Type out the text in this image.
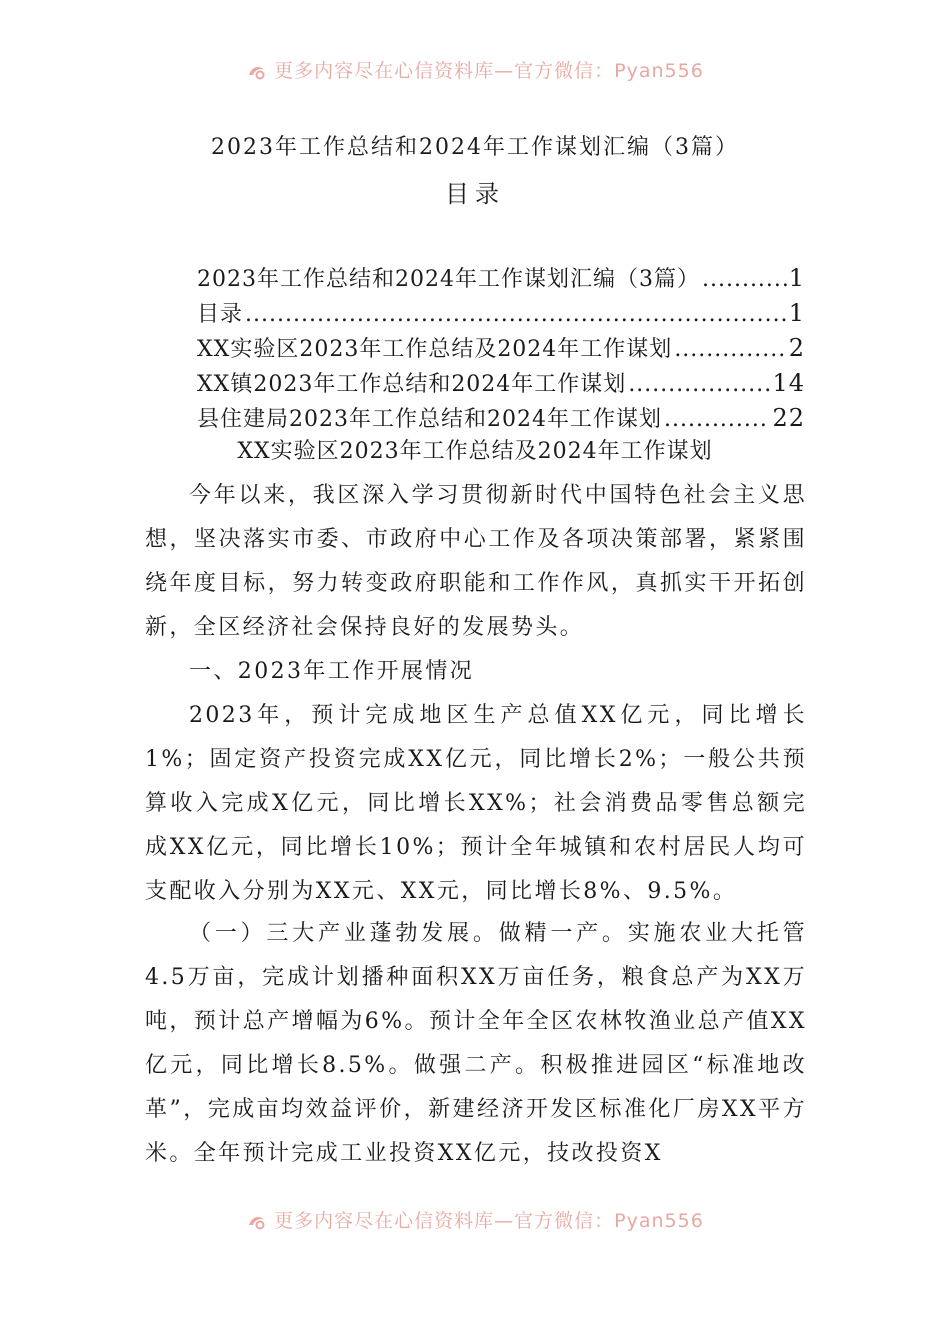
更多内容尽在心信资料库—官方微信：Pyan556
2023年工作总结和2024年工作谋划汇编（3篇）
目录
2023年工作总结和2024年工作谋划汇编（3篇） .....	1
目录 .....	1
XX实验区2023年工作总结及2024年工作谋划 .....	2
XX镇2023年工作总结和2024年工作谋划 .....	14
县住建局2023年工作总结和2024年工作谋划 .....	22
XX实验区2023年工作总结及2024年工作谋划

今年以来，我区深入学习贯彻新时代中国特色社会主义思想，坚决落实市委、市政府中心工作及各项决策部署，紧紧围绕年度目标，努力转变政府职能和工作作风，真抓实干开拓创新，全区经济社会保持良好的发展势头。

一、2023年工作开展情况

2023年，预计完成地区生产总值XX亿元，同比增长1%；固定资产投资完成XX亿元，同比增长2%；一般公共预算收入完成X亿元，同比增长XX%；社会消费品零售总额完成XX亿元，同比增长10%；预计全年城镇和农村居民人均可支配收入分别为XX元、XX元，同比增长8%、9.5%。

（一）三大产业蓬勃发展。做精一产。实施农业大托管4.5万亩，完成计划播种面积XX万亩任务，粮食总产为XX万吨，预计总产增幅为6%。预计全年全区农林牧渔业总产值XX亿元，同比增长8.5%。做强二产。积极推进园区“标准地改革”，完成亩均效益评价，新建经济开发区标准化厂房XX平方米。全年预计完成工业投资XX亿元，技改投资X

更多内容尽在心信资料库—官方微信：Pyan556
